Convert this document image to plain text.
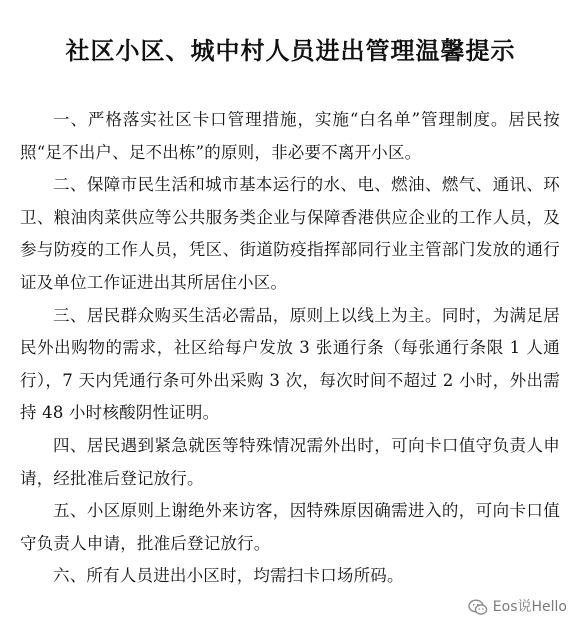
社区小区、城中村人员进出管理温馨提示

一、严格落实社区卡口管理措施，实施“白名单”管理制度。居民按照“足不出户、足不出栋”的原则，非必要不离开小区。

二、保障市民生活和城市基本运行的水、电、燃油、燃气、通讯、环卫、粮油肉菜供应等公共服务类企业与保障香港供应企业的工作人员，及参与防疫的工作人员，凭区、街道防疫指挥部同行业主管部门发放的通行证及单位工作证进出其所居住小区。

三、居民群众购买生活必需品，原则上以线上为主。同时，为满足居民外出购物的需求，社区给每户发放 3 张通行条（每张通行条限 1 人通行），7 天内凭通行条可外出采购 3 次，每次时间不超过 2 小时，外出需持 48 小时核酸阴性证明。

四、居民遇到紧急就医等特殊情况需外出时，可向卡口值守负责人申请，经批准后登记放行。

五、小区原则上谢绝外来访客，因特殊原因确需进入的，可向卡口值守负责人申请，批准后登记放行。

六、所有人员进出小区时，均需扫卡口场所码。

Eos说Hello
